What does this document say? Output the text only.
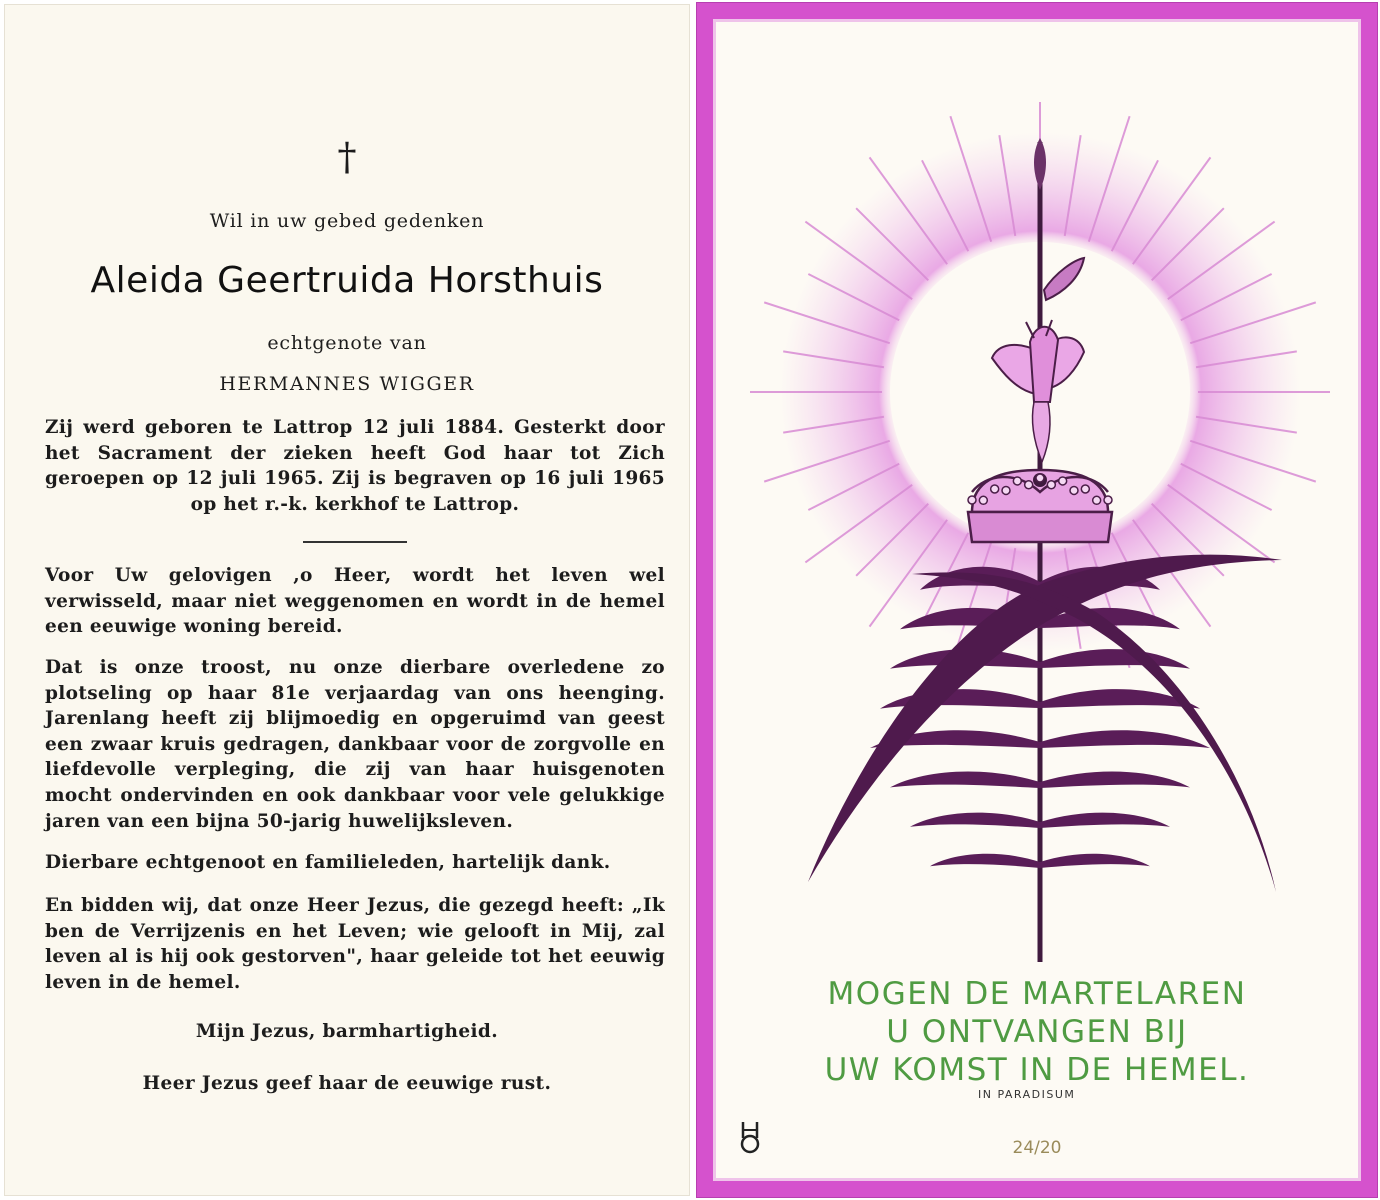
†
Wil in uw gebed gedenken
Aleida Geertruida Horsthuis
echtgenote van
HERMANNES WIGGER
Zij werd geboren te Lattrop 12 juli 1884. Gesterkt door het Sacrament der zieken heeft God haar tot Zich geroepen op 12 juli 1965. Zij is begraven op 16 juli 1965 op het r.-k. kerkhof te Lattrop.
Voor Uw gelovigen ,o Heer, wordt het leven wel verwisseld, maar niet weggenomen en wordt in de hemel een eeuwige woning bereid.
Dat is onze troost, nu onze dierbare overledene zo plotseling op haar 81e verjaardag van ons heenging. Jarenlang heeft zij blijmoedig en opgeruimd van geest een zwaar kruis gedragen, dankbaar voor de zorgvolle en liefdevolle verpleging, die zij van haar huisgenoten mocht ondervinden en ook dankbaar voor vele gelukkige jaren van een bijna 50-jarig huwelijksleven.
Dierbare echtgenoot en familieleden, hartelijk dank.
En bidden wij, dat onze Heer Jezus, die gezegd heeft: „Ik ben de Verrijzenis en het Leven; wie gelooft in Mij, zal leven al is hij ook gestorven", haar geleide tot het eeuwig leven in de hemel.
Mijn Jezus, barmhartigheid.
Heer Jezus geef haar de eeuwige rust.
MOGEN DE MARTELAREN
U ONTVANGEN BIJ
UW KOMST IN DE HEMEL.
IN PARADISUM
24/20
